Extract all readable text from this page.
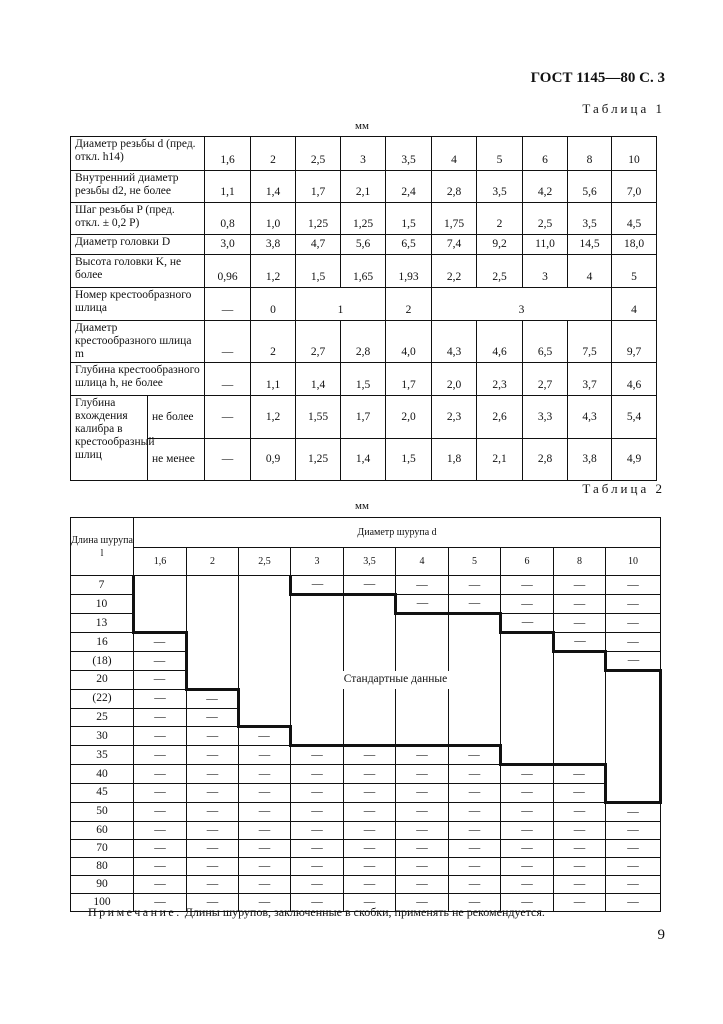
ГОСТ 1145—80 С. 3
Таблица 1
мм
Диаметр резьбы d (пред. откл. h14)		1,6	2	2,5	3	3,5	4	5	6	8	10
Внутренний диаметр резьбы d2, не более		1,1	1,4	1,7	2,1	2,4	2,8	3,5	4,2	5,6	7,0
Шаг резьбы P (пред. откл. ± 0,2 P)		0,8	1,0	1,25	1,25	1,5	1,75	2	2,5	3,5	4,5
Диаметр головки D		3,0	3,8	4,7	5,6	6,5	7,4	9,2	11,0	14,5	18,0
Высота головки K, не более		0,96	1,2	1,5	1,65	1,93	2,2	2,5	3	4	5
Номер крестообразного шлица		—	0	1		2	3				4
Диаметр крестообразного шлица m		—	2	2,7	2,8	4,0	4,3	4,6	6,5	7,5	9,7
Глубина крестообразного шлица h, не более		—	1,1	1,4	1,5	1,7	2,0	2,3	2,7	3,7	4,6
Глубина вхождения калибра в крестообразный шлиц	не более	—	1,2	1,55	1,7	2,0	2,3	2,6	3,3	4,3	5,4
	не менее	—	0,9	1,25	1,4	1,5	1,8	2,1	2,8	3,8	4,9
Таблица 2
мм
Длина шурупа l	Диаметр шурупа d									
	1,6	2	2,5	3	3,5	4	5	6	8	10
7				—	—	—	—	—	—	—
10						—	—	—	—	—
13								—	—	—
16	—								—	—
(18)	—									—
20	—			Стандартные данные						
(22)	—	—								
25	—	—								
30	—	—	—							
35	—	—	—	—	—	—	—			
40	—	—	—	—	—	—	—	—	—	
45	—	—	—	—	—	—	—	—	—	
50	—	—	—	—	—	—	—	—	—	—
60	—	—	—	—	—	—	—	—	—	—
70	—	—	—	—	—	—	—	—	—	—
80	—	—	—	—	—	—	—	—	—	—
90	—	—	—	—	—	—	—	—	—	—
100	—	—	—	—	—	—	—	—	—	—
Примечание. Длины шурупов, заключенные в скобки, применять не рекомендуется.
9
